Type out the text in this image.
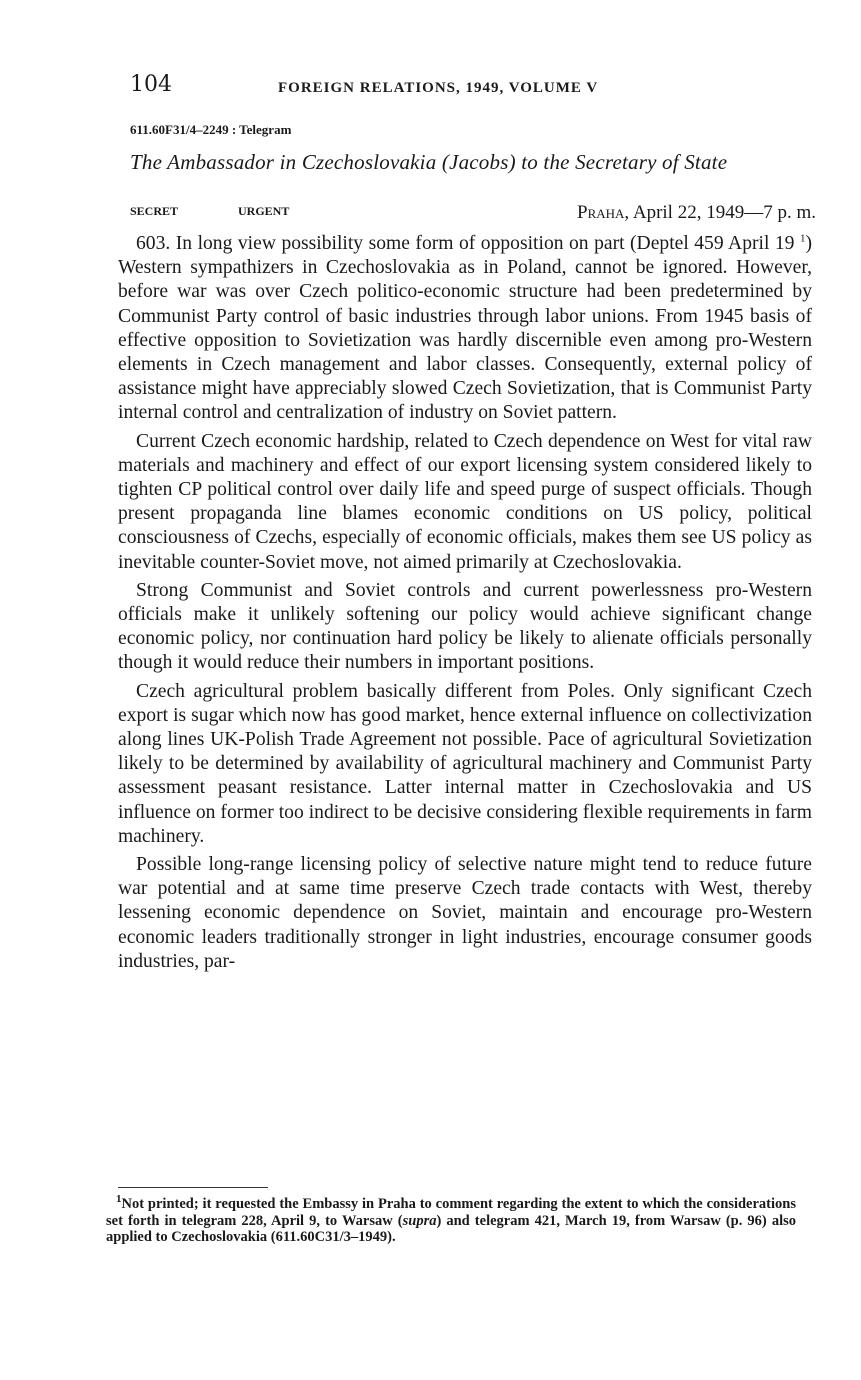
104	FOREIGN RELATIONS, 1949, VOLUME V
611.60F31/4–2249 : Telegram
The Ambassador in Czechoslovakia (Jacobs) to the Secretary of State
SECRET	URGENT	Praha, April 22, 1949—7 p. m.

603. In long view possibility some form of opposition on part (Deptel 459 April 19 $^1$) Western sympathizers in Czechoslovakia as in Poland, cannot be ignored. However, before war was over Czech politico-economic structure had been predetermined by Communist Party control of basic industries through labor unions. From 1945 basis of effective opposition to Sovietization was hardly discernible even among pro-Western elements in Czech management and labor classes. Consequently, external policy of assistance might have appreciably slowed Czech Sovietization, that is Communist Party internal control and centralization of industry on Soviet pattern.

Current Czech economic hardship, related to Czech dependence on West for vital raw materials and machinery and effect of our export licensing system considered likely to tighten CP political control over daily life and speed purge of suspect officials. Though present propaganda line blames economic conditions on US policy, political consciousness of Czechs, especially of economic officials, makes them see US policy as inevitable counter-Soviet move, not aimed primarily at Czechoslovakia.

Strong Communist and Soviet controls and current powerlessness pro-Western officials make it unlikely softening our policy would achieve significant change economic policy, nor continuation hard policy be likely to alienate officials personally though it would reduce their numbers in important positions.

Czech agricultural problem basically different from Poles. Only significant Czech export is sugar which now has good market, hence external influence on collectivization along lines UK-Polish Trade Agreement not possible. Pace of agricultural Sovietization likely to be determined by availability of agricultural machinery and Communist Party assessment peasant resistance. Latter internal matter in Czechoslovakia and US influence on former too indirect to be decisive considering flexible requirements in farm machinery.

Possible long-range licensing policy of selective nature might tend to reduce future war potential and at same time preserve Czech trade contacts with West, thereby lessening economic dependence on Soviet, maintain and encourage pro-Western economic leaders traditionally stronger in light industries, encourage consumer goods industries, par-

$^1$Not printed; it requested the Embassy in Praha to comment regarding the extent to which the considerations set forth in telegram 228, April 9, to Warsaw (supra) and telegram 421, March 19, from Warsaw (p. 96) also applied to Czechoslovakia (611.60C31/3–1949).
